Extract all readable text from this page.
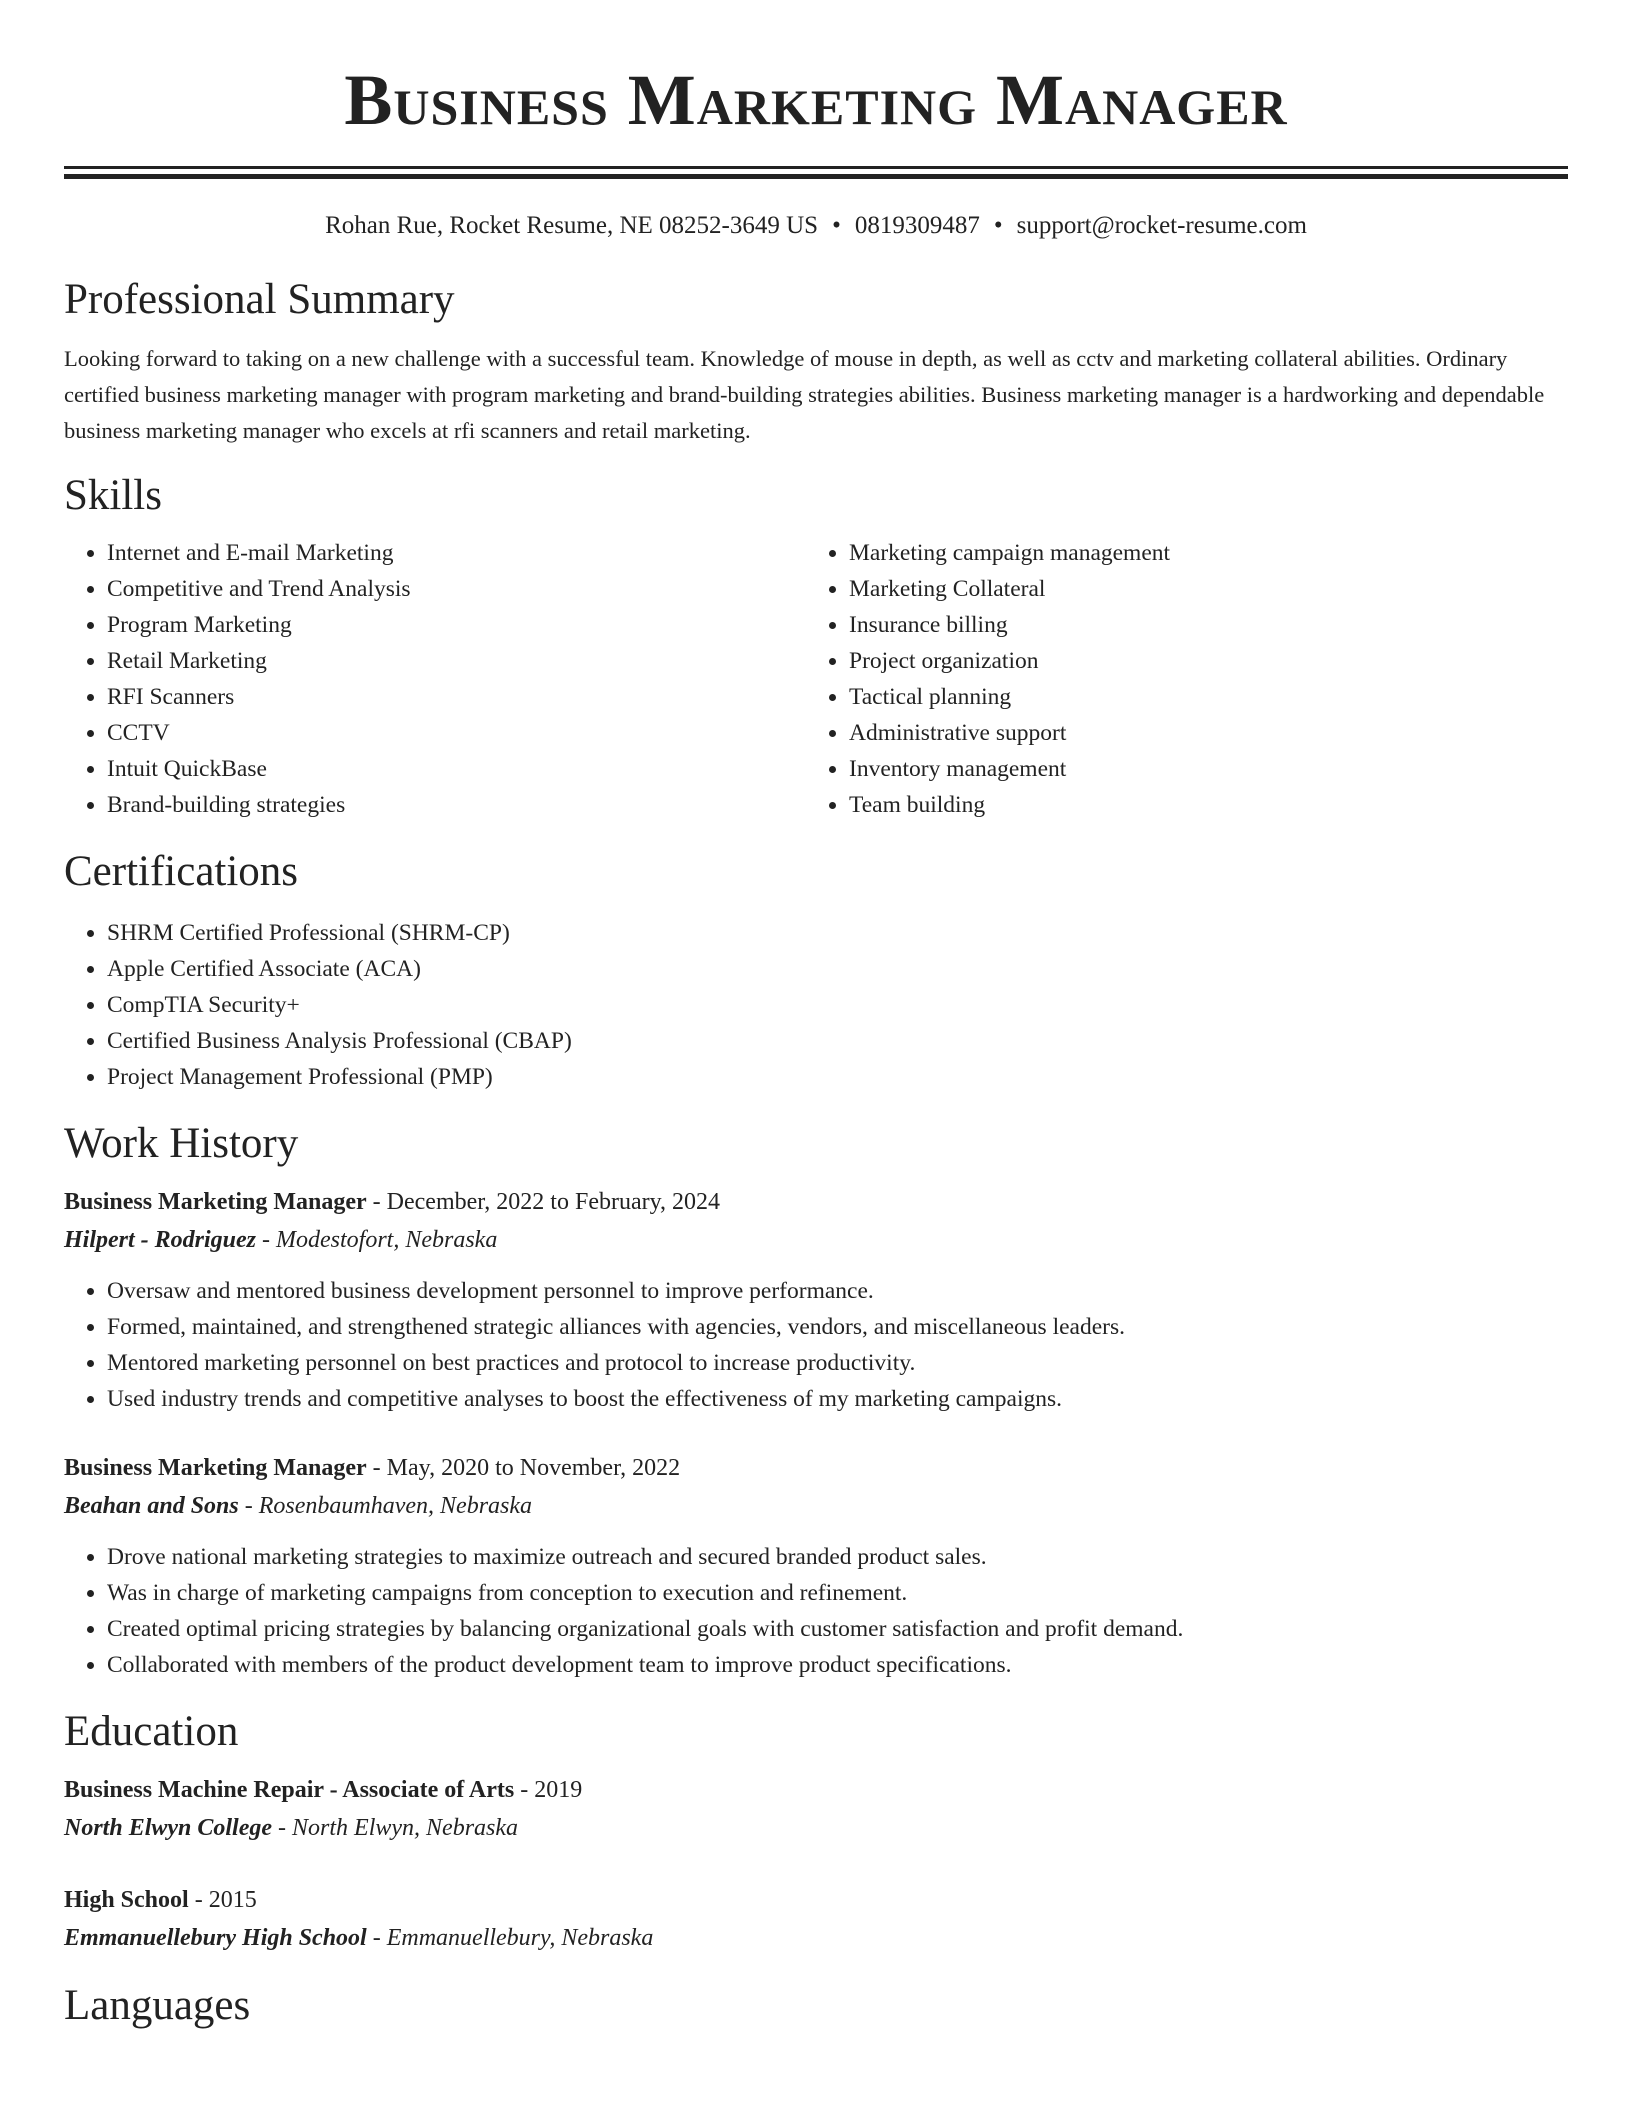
Business Marketing Manager
Rohan Rue, Rocket Resume, NE 08252-3649 US • 0819309487 • support@rocket-resume.com
Professional Summary

Looking forward to taking on a new challenge with a successful team. Knowledge of mouse in depth, as well as cctv and marketing collateral abilities. Ordinary certified business marketing manager with program marketing and brand-building strategies abilities. Business marketing manager is a hardworking and dependable business marketing manager who excels at rfi scanners and retail marketing.

Skills
• Internet and E-mail Marketing
• Competitive and Trend Analysis
• Program Marketing
• Retail Marketing
• RFI Scanners
• CCTV
• Intuit QuickBase
• Brand-building strategies
• Marketing campaign management
• Marketing Collateral
• Insurance billing
• Project organization
• Tactical planning
• Administrative support
• Inventory management
• Team building
Certifications
• SHRM Certified Professional (SHRM-CP)
• Apple Certified Associate (ACA)
• CompTIA Security+
• Certified Business Analysis Professional (CBAP)
• Project Management Professional (PMP)
Work History
Business Marketing Manager - December, 2022 to February, 2024
Hilpert - Rodriguez - Modestofort, Nebraska
• Oversaw and mentored business development personnel to improve performance.
• Formed, maintained, and strengthened strategic alliances with agencies, vendors, and miscellaneous leaders.
• Mentored marketing personnel on best practices and protocol to increase productivity.
• Used industry trends and competitive analyses to boost the effectiveness of my marketing campaigns.
Business Marketing Manager - May, 2020 to November, 2022
Beahan and Sons - Rosenbaumhaven, Nebraska
• Drove national marketing strategies to maximize outreach and secured branded product sales.
• Was in charge of marketing campaigns from conception to execution and refinement.
• Created optimal pricing strategies by balancing organizational goals with customer satisfaction and profit demand.
• Collaborated with members of the product development team to improve product specifications.
Education
Business Machine Repair - Associate of Arts - 2019
North Elwyn College - North Elwyn, Nebraska
High School - 2015
Emmanuellebury High School - Emmanuellebury, Nebraska
Languages
